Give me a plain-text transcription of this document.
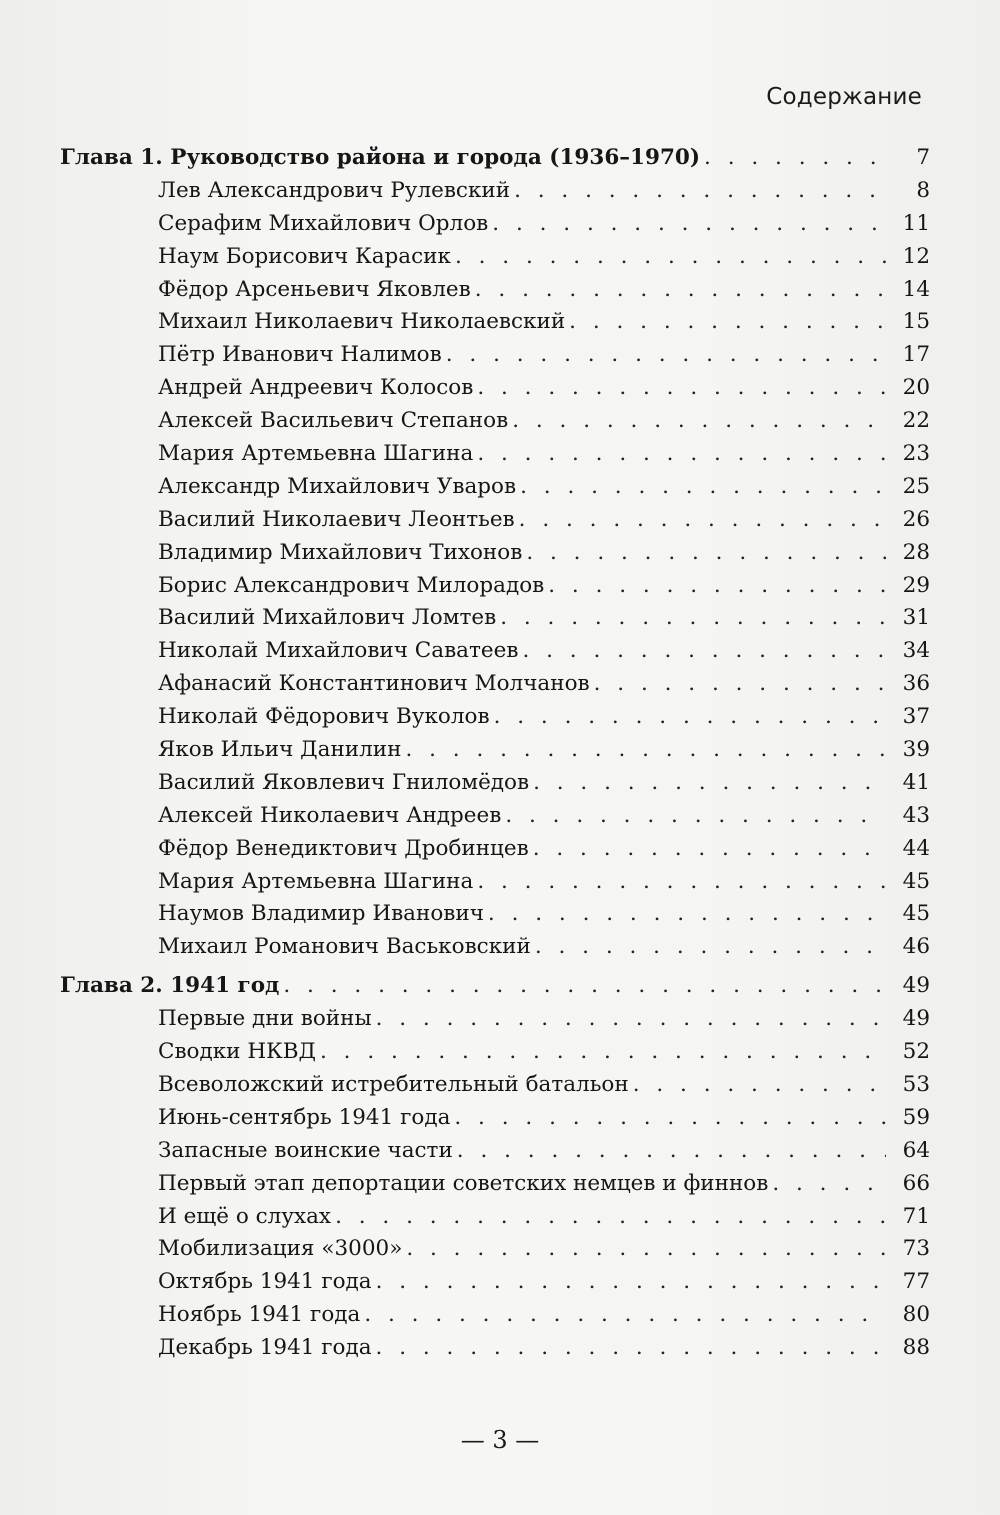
Содержание
Глава 1. Руководство района и города (1936–1970) . . .	7
Лев Александрович Рулевский . . .	8
Серафим Михайлович Орлов . . .	11
Наум Борисович Карасик . . .	12
Фёдор Арсеньевич Яковлев . . .	14
Михаил Николаевич Николаевский . . .	15
Пётр Иванович Налимов . . .	17
Андрей Андреевич Колосов . . .	20
Алексей Васильевич Степанов . . .	22
Мария Артемьевна Шагина . . .	23
Александр Михайлович Уваров . . .	25
Василий Николаевич Леонтьев . . .	26
Владимир Михайлович Тихонов . . .	28
Борис Александрович Милорадов . . .	29
Василий Михайлович Ломтев . . .	31
Николай Михайлович Саватеев . . .	34
Афанасий Константинович Молчанов . . .	36
Николай Фёдорович Вуколов . . .	37
Яков Ильич Данилин . . .	39
Василий Яковлевич Гниломёдов . . .	41
Алексей Николаевич Андреев . . .	43
Фёдор Венедиктович Дробинцев . . .	44
Мария Артемьевна Шагина . . .	45
Наумов Владимир Иванович . . .	45
Михаил Романович Васьковский . . .	46
Глава 2. 1941 год . . .	49
Первые дни войны . . .	49
Сводки НКВД . . .	52
Всеволожский истребительный батальон . . .	53
Июнь-сентябрь 1941 года . . .	59
Запасные воинские части . . .	64
Первый этап депортации советских немцев и финнов . . .	66
И ещё о слухах . . .	71
Мобилизация «3000» . . .	73
Октябрь 1941 года . . .	77
Ноябрь 1941 года . . .	80
Декабрь 1941 года . . .	88
— 3 —
